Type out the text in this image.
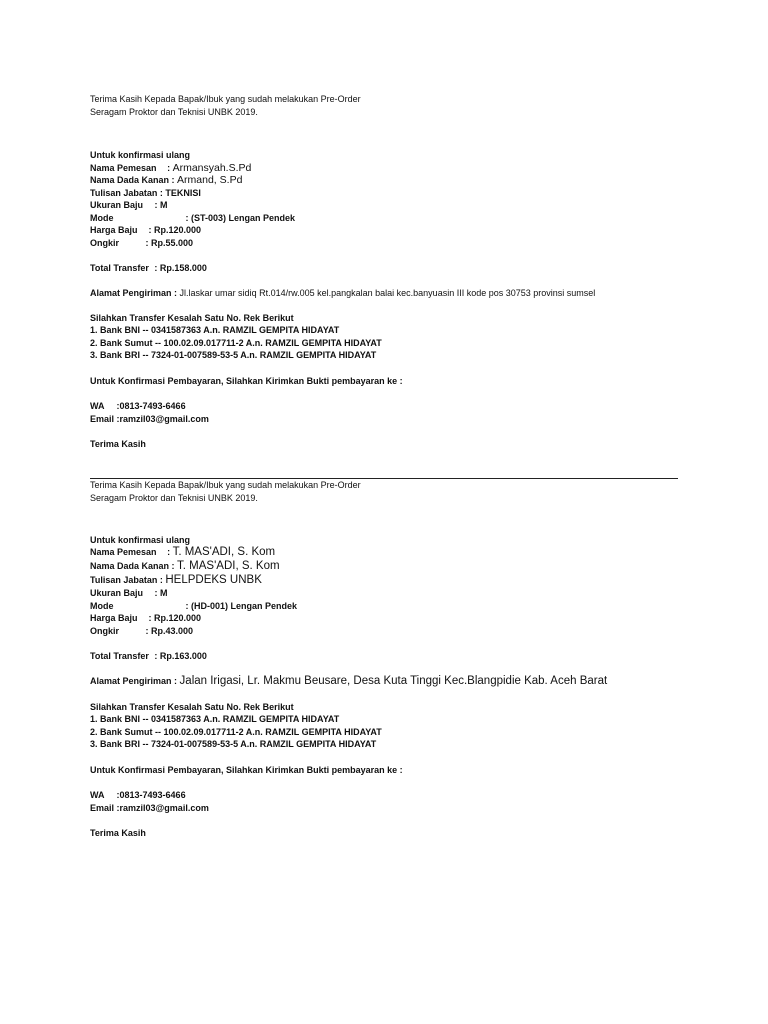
Terima Kasih Kepada Bapak/Ibuk yang sudah melakukan Pre-Order
Seragam Proktor dan Teknisi UNBK 2019.
Untuk konfirmasi ulang
Nama Pemesan : Armansyah.S.Pd
Nama Dada Kanan : Armand, S.Pd
Tulisan Jabatan : TEKNISI
Ukuran Baju : M
Mode	: (ST-003) Lengan Pendek
Harga Baju : Rp.120.000
Ongkir	: Rp.55.000
Total Transfer : Rp.158.000
Alamat Pengiriman : Jl.laskar umar sidiq Rt.014/rw.005 kel.pangkalan balai kec.banyuasin III kode pos 30753 provinsi sumsel
Silahkan Transfer Kesalah Satu No. Rek Berikut
1. Bank BNI -- 0341587363 A.n. RAMZIL GEMPITA HIDAYAT
2. Bank Sumut -- 100.02.09.017711-2 A.n. RAMZIL GEMPITA HIDAYAT
3. Bank BRI -- 7324-01-007589-53-5 A.n. RAMZIL GEMPITA HIDAYAT
Untuk Konfirmasi Pembayaran, Silahkan Kirimkan Bukti pembayaran ke :
WA :0813-7493-6466
Email :ramzil03@gmail.com
Terima Kasih
Terima Kasih Kepada Bapak/Ibuk yang sudah melakukan Pre-Order
Seragam Proktor dan Teknisi UNBK 2019.
Untuk konfirmasi ulang
Nama Pemesan : T. MAS'ADI, S. Kom
Nama Dada Kanan : T. MAS'ADI, S. Kom
Tulisan Jabatan : HELPDEKS UNBK
Ukuran Baju : M
Mode	: (HD-001) Lengan Pendek
Harga Baju : Rp.120.000
Ongkir	: Rp.43.000
Total Transfer : Rp.163.000
Alamat Pengiriman : Jalan Irigasi, Lr. Makmu Beusare, Desa Kuta Tinggi Kec.Blangpidie Kab. Aceh Barat
Silahkan Transfer Kesalah Satu No. Rek Berikut
1. Bank BNI -- 0341587363 A.n. RAMZIL GEMPITA HIDAYAT
2. Bank Sumut -- 100.02.09.017711-2 A.n. RAMZIL GEMPITA HIDAYAT
3. Bank BRI -- 7324-01-007589-53-5 A.n. RAMZIL GEMPITA HIDAYAT
Untuk Konfirmasi Pembayaran, Silahkan Kirimkan Bukti pembayaran ke :
WA :0813-7493-6466
Email :ramzil03@gmail.com
Terima Kasih
